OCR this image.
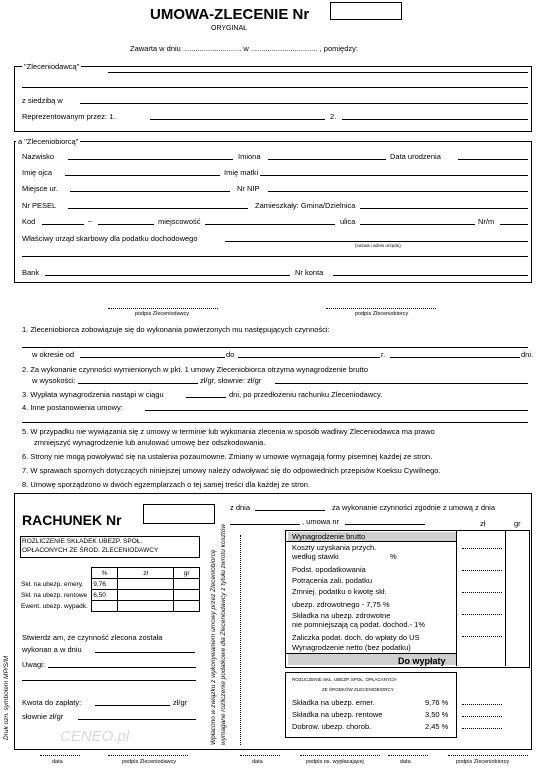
UMOWA-ZLECENIE Nr
ORYGINAŁ
Zawarta w dniu ............................ w ................................ , pomiędzy:
"Zleceniodawcą"
z siedzibą w
Reprezentowanym przez: 1.	2.
a "Zleceniobiorcą"
Nazwisko	Imiona	Data urodzenia
Imię ojca	Imię matki
Miejsce ur.	Nr NIP
Nr PESEL	Zamieszkały: Gmina/Dzielnica
Kod	–	miejscowość	ulica	Nr/m
Właściwy urząd skarbowy dla podatku dochodowego
(nazwa i adres urzędu)
Bank	Nr konta
podpis Zleceniodawcy	podpis Zleceniobiorcy
1. Zleceniobiorca zobowiązuje się do wykonania powierzonych mu następujących czynności:
w okresie od	do	r.	dni.
2. Za wykonanie czynności wymienionych w pkt. 1 umowy Zleceniobiorca otrzyma wynagrodzenie brutto
w wysokości:	zł/gr, słownie: zł/gr
3. Wypłata wynagrodzenia nastąpi w ciągu	dni, po przedłożeniu rachunku Zleceniodawcy.
4. Inne postanowienia umowy:
5. W przypadku nie wywiązania się z umowy w terminie lub wykonania zlecenia w sposób wadliwy Zleceniodawca ma prawo
zmniejszyć wynagrodzenie lub anulować umowę bez odszkodowania.
6. Strony nie mogą powoływać się na ustalenia pozaumowne. Zmiany w umowie wymagają formy pisemnej każdej ze stron.
7. W sprawach spornych dotyczących niniejszej umowy należy odwoływać się do odpowiednich przepisów Koeksu Cywilnego.
8. Umowę sporządzono w dwóch egzemplarzach o tej samej treści dla każdej ze stron.
RACHUNEK Nr
z dnia	za wykonanie czynności zgodnie z umową z dnia
, umowa nr	zł	gr
ROZLICZENIE SKŁADEK UBEZP. SPOŁ.
OPŁACONYCH ZE ŚROD. ZLECENIODAWCY
	%	zł	gr
Skł. na ubezp. emery.	9,76		
Skł. na ubezp. rentowe	6,50		
Ewent. ubezp. wypadk.			
Stwierdz am, że czynność zlecona została
wykonan a w dniu
Uwagi:
Kwota do zapłaty:	zł/gr
słownie zł/gr	Wpłacono w związku z wykonywaniem umowy przez Zleceniobiorcę wymagane rozliczenie podatkowe dla Zleceniodawcy z tytułu zwrotu kosztów
Druk ozn. symbolem MP/S/M
Wynagrodzenie brutto
Koszty uzyskania przych.
według stawki	%
Podst. opodatkowania
Potrącenia zali. podatku
Zmniej. podatku o kwotę skł.
ubezp. zdrowotnego - 7,75 %
Składka na ubezp. zdrowotne
nie pomniejszają cą podat. dochod.- 1%
Zaliczka podat. doch. do wpłaty do US
Wynagrodzenie netto (bez podatku)
Do wypłaty
ROZLICZENIE SKŁ. UBEZP. SPOŁ. OPŁACANYCH
ZE ŚRODKÓW ZLECENIOBIORCY
Składka na ubezp. emer.	9,76 %
Składka na ubezp. rentowe	3,50 %
Dobrow. ubezp. chorob.	2,45 %
data	podpis Zleceniodawcy	data	podpis os. wypłacającej	data	podpis Zleceniobiorcy
CENEO.pl
